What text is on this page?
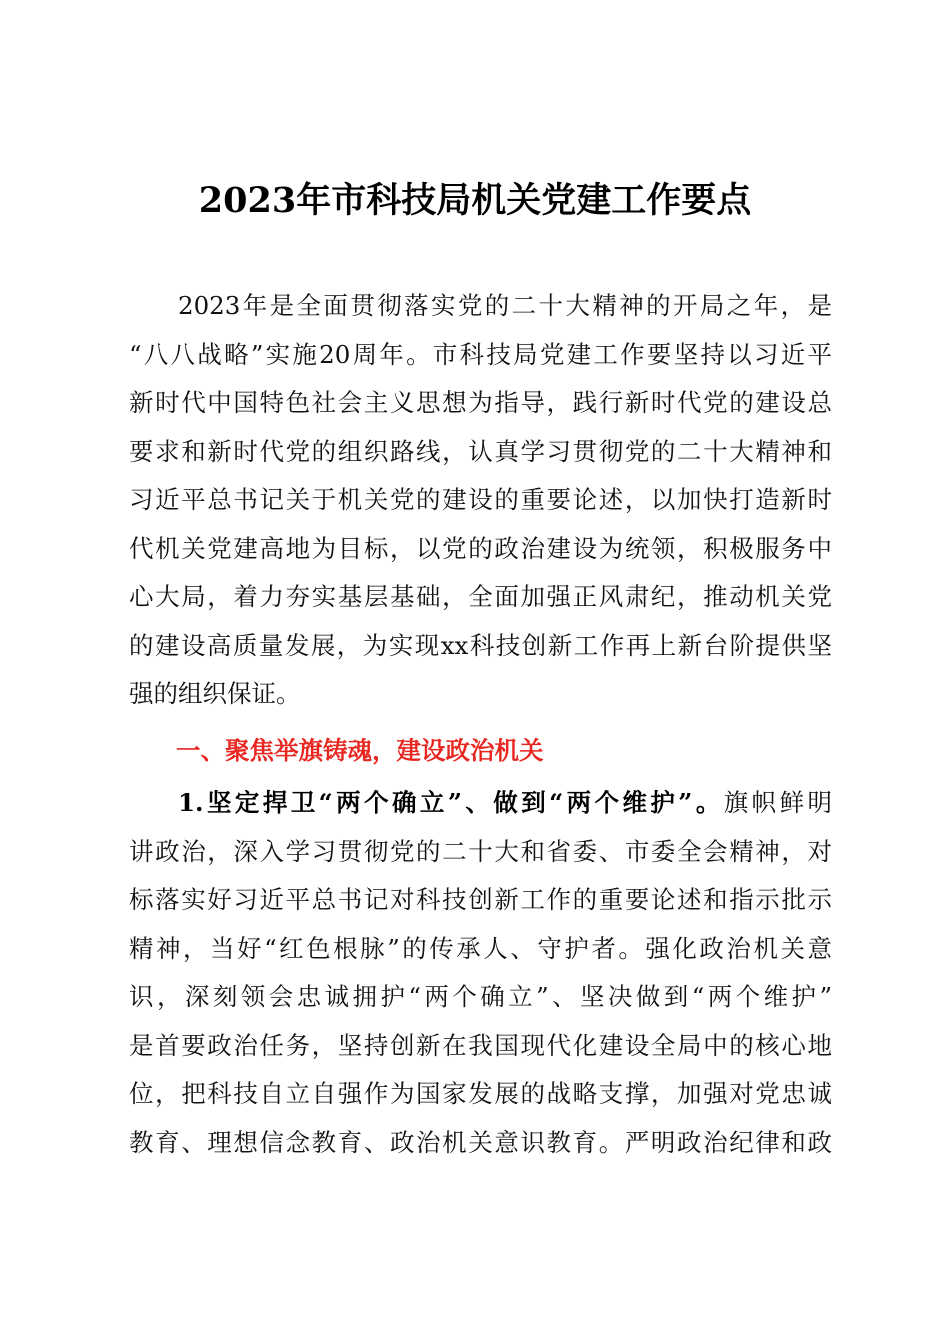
2023年市科技局机关党建工作要点
2023年是全面贯彻落实党的二十大精神的开局之年，是
“八八战略”实施20周年。市科技局党建工作要坚持以习近平
新时代中国特色社会主义思想为指导，践行新时代党的建设总
要求和新时代党的组织路线，认真学习贯彻党的二十大精神和
习近平总书记关于机关党的建设的重要论述，以加快打造新时
代机关党建高地为目标，以党的政治建设为统领，积极服务中
心大局，着力夯实基层基础，全面加强正风肃纪，推动机关党
的建设高质量发展，为实现xx科技创新工作再上新台阶提供坚
强的组织保证。
一、聚焦举旗铸魂，建设政治机关
1.坚定捍卫“两个确立”、做到“两个维护”。旗帜鲜明
讲政治，深入学习贯彻党的二十大和省委、市委全会精神，对
标落实好习近平总书记对科技创新工作的重要论述和指示批示
精神，当好“红色根脉”的传承人、守护者。强化政治机关意
识，深刻领会忠诚拥护“两个确立”、坚决做到“两个维护”
是首要政治任务，坚持创新在我国现代化建设全局中的核心地
位，把科技自立自强作为国家发展的战略支撑，加强对党忠诚
教育、理想信念教育、政治机关意识教育。严明政治纪律和政
